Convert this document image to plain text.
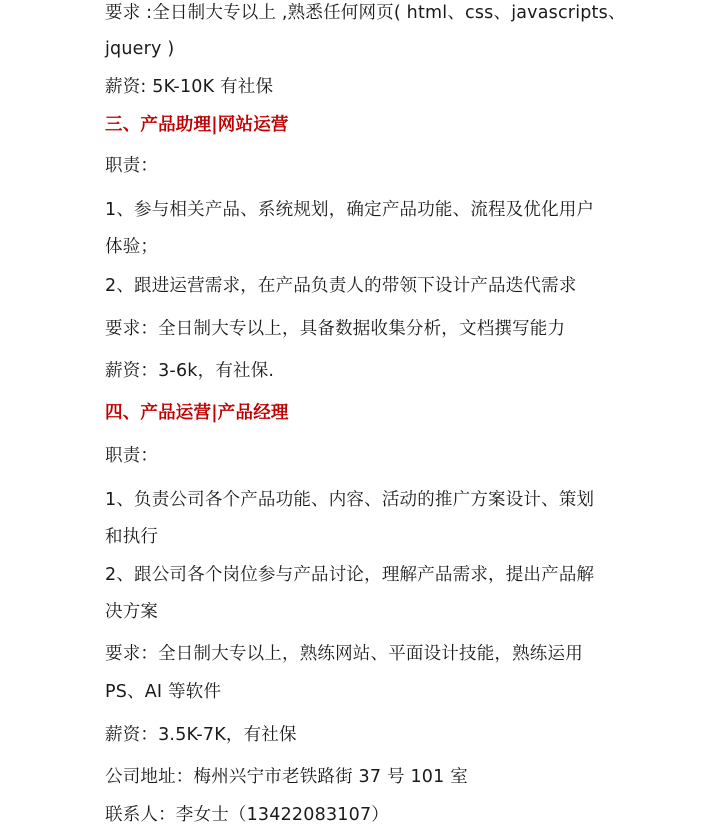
要求 :全日制大专以上 ,熟悉任何网页( html、css、javascripts、
jquery )
薪资: 5K-10K 有社保
三、产品助理|网站运营
职责：
1、参与相关产品、系统规划，确定产品功能、流程及优化用户
体验；
2、跟进运营需求，在产品负责人的带领下设计产品迭代需求
要求：全日制大专以上，具备数据收集分析，文档撰写能力
薪资：3-6k，有社保.
四、产品运营|产品经理
职责：
1、负责公司各个产品功能、内容、活动的推广方案设计、策划
和执行
2、跟公司各个岗位参与产品讨论，理解产品需求，提出产品解
决方案
要求：全日制大专以上，熟练网站、平面设计技能，熟练运用
PS、AI 等软件
薪资：3.5K-7K，有社保
公司地址：梅州兴宁市老铁路街 37 号 101 室
联系人：李女士（13422083107）
